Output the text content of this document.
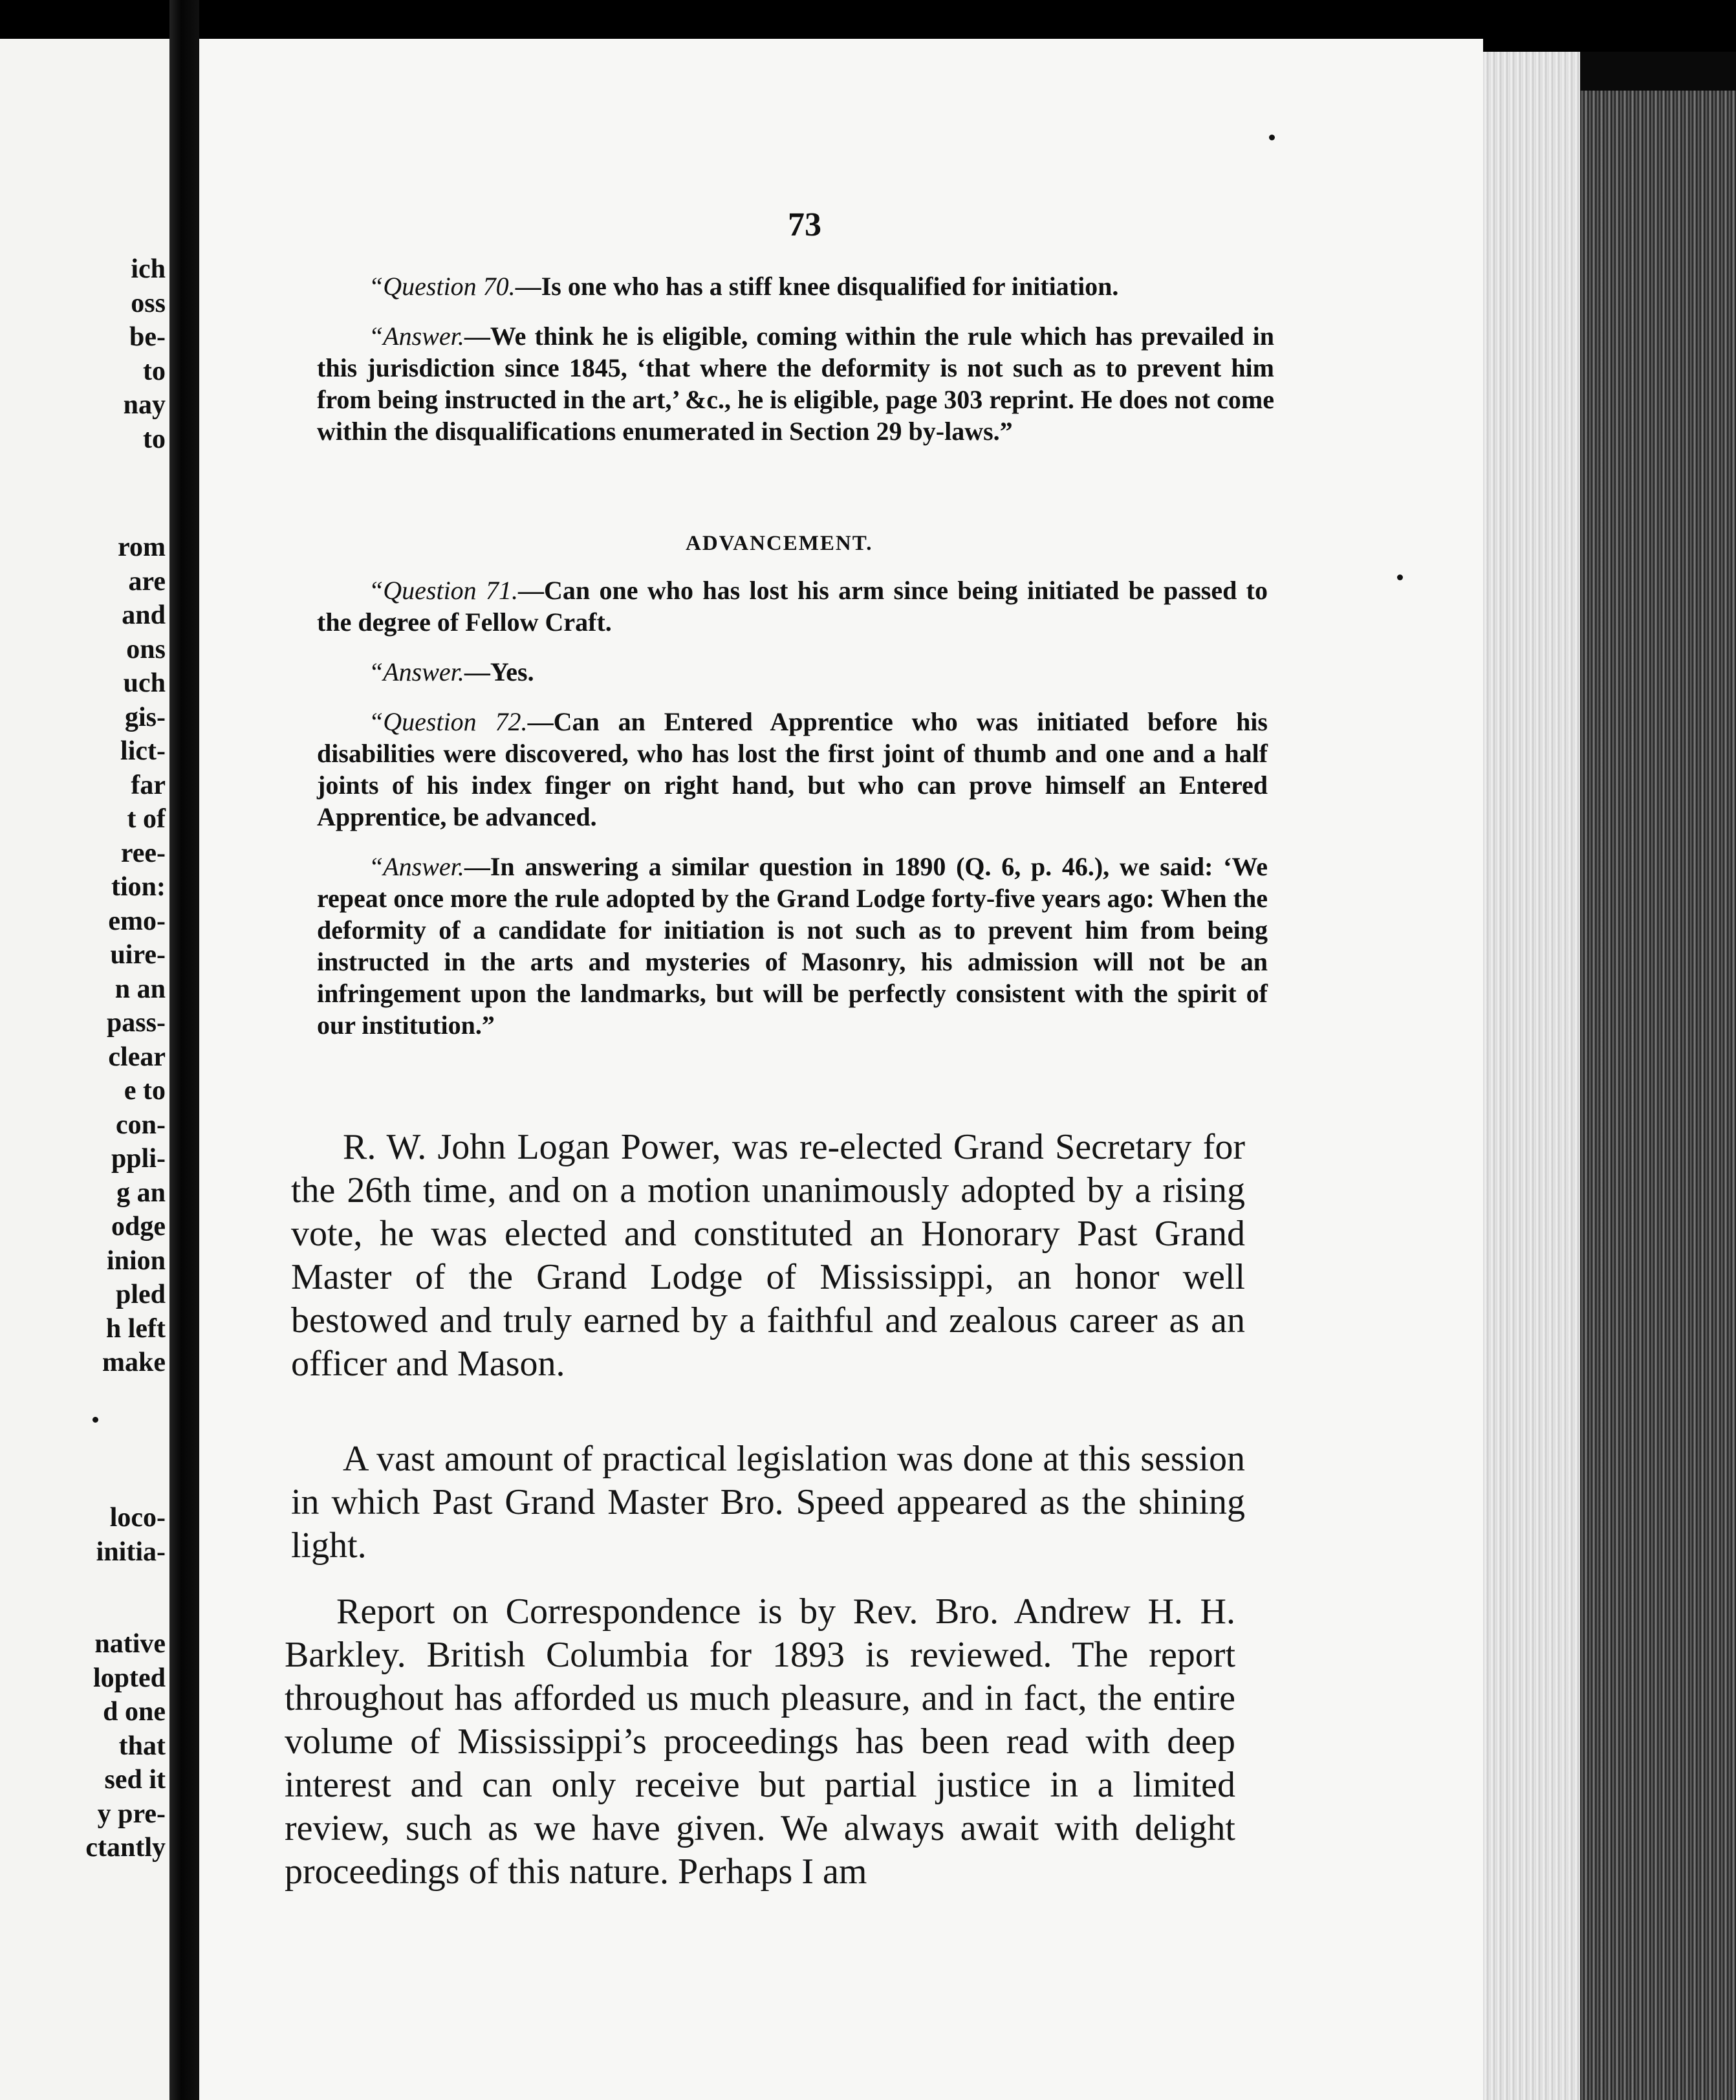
ich
oss
be-
to
nay
to
rom
are
and
ons
uch
gis-
lict-
far
t of
ree-
tion:
emo-
uire-
n an
pass-
clear
e to
con-
ppli-
g an
odge
inion
pled
h left
make
loco-
initia-
native
lopted
d one
that
sed it
y pre-
ctantly
73

“Question 70.—Is one who has a stiff knee disqualified for initiation.

“Answer.—We think he is eligible, coming within the rule which has prevailed in this jurisdiction since 1845, ‘that where the deformity is not such as to prevent him from being instructed in the art,’ &c., he is eligible, page 303 reprint. He does not come within the disqualifications enumerated in Section 29 by-laws.”

ADVANCEMENT.

“Question 71.—Can one who has lost his arm since being initiated be passed to the degree of Fellow Craft.

“Answer.—Yes.

“Question 72.—Can an Entered Apprentice who was initiated before his disabilities were discovered, who has lost the first joint of thumb and one and a half joints of his index finger on right hand, but who can prove himself an Entered Apprentice, be advanced.

“Answer.—In answering a similar question in 1890 (Q. 6, p. 46.), we said: ‘We repeat once more the rule adopted by the Grand Lodge forty-five years ago: When the deformity of a candidate for initiation is not such as to prevent him from being instructed in the arts and mysteries of Masonry, his admission will not be an infringement upon the landmarks, but will be perfectly consistent with the spirit of our institution.”

R. W. John Logan Power, was re-elected Grand Secretary for the 26th time, and on a motion unanimously adopted by a rising vote, he was elected and constituted an Honorary Past Grand Master of the Grand Lodge of Mississippi, an honor well bestowed and truly earned by a faithful and zealous career as an officer and Mason.

A vast amount of practical legislation was done at this session in which Past Grand Master Bro. Speed appeared as the shining light.

Report on Correspondence is by Rev. Bro. Andrew H. H. Barkley. British Columbia for 1893 is reviewed. The report throughout has afforded us much pleasure, and in fact, the entire volume of Mississippi’s proceedings has been read with deep interest and can only receive but partial justice in a limited review, such as we have given. We always await with delight proceedings of this nature. Perhaps I am
